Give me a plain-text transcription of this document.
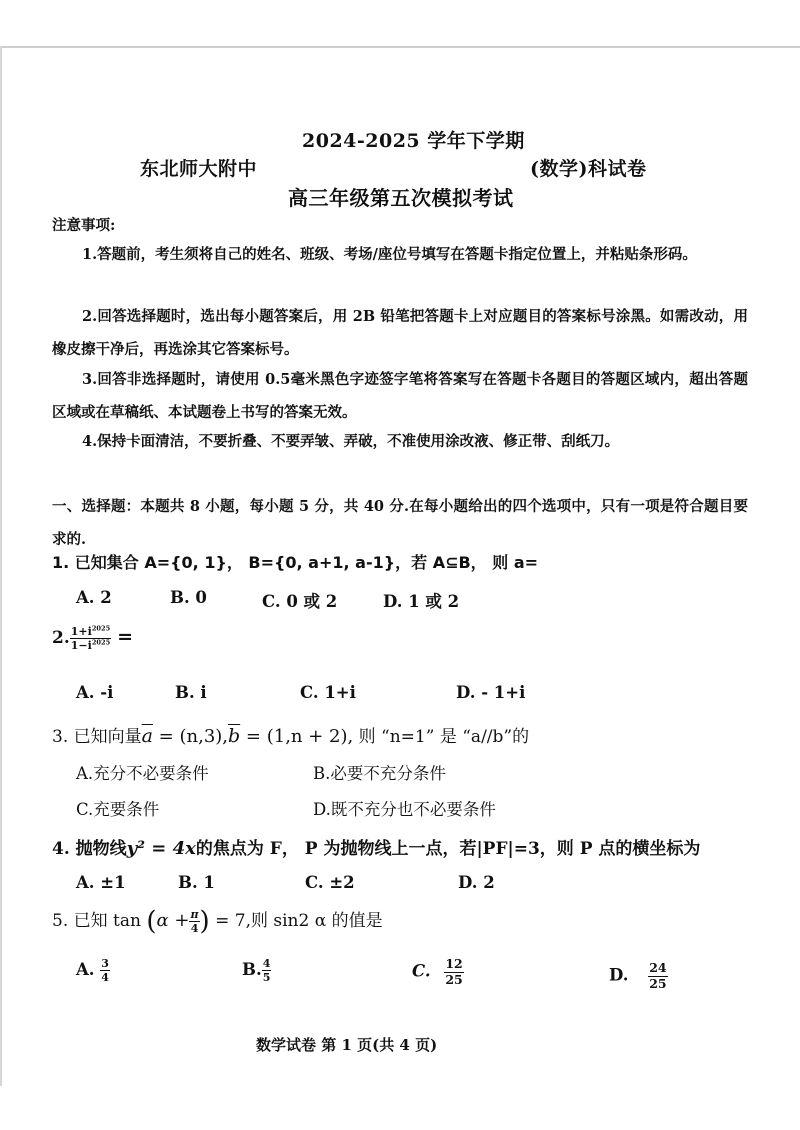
2024-2025 学年下学期
东北师大附中	(数学)科试卷
高三年级第五次模拟考试
注意事项:
1.答题前，考生须将自己的姓名、班级、考场/座位号填写在答题卡指定位置上，并粘贴条形码。
2.回答选择题时，选出每小题答案后，用 2B 铅笔把答题卡上对应题目的答案标号涂黑。如需改动，用橡皮擦干净后，再选涂其它答案标号。
3.回答非选择题时，请使用 0.5毫米黑色字迹签字笔将答案写在答题卡各题目的答题区域内，超出答题区域或在草稿纸、本试题卷上书写的答案无效。
4.保持卡面清洁，不要折叠、不要弄皱、弄破，不准使用涂改液、修正带、刮纸刀。
一、选择题：本题共 8 小题，每小题 5 分，共 40 分.在每小题给出的四个选项中，只有一项是符合题目要求的.
1. 已知集合 A={0, 1}， B={0, a+1, a-1}，若 A⊆B， 则 a=
A. 2	B. 0	C. 0 或 2	D. 1 或 2
2. $\frac{1+i^{2025}}{1-i^{2025}}$ =
A. -i	B. i	C. 1+i	D. - 1+i
3. 已知向量$\overline{a} = (n,3),\overline{b} = (1,n + 2)$, 则 “n=1” 是 “a//b”的
A.充分不必要条件	B.必要不充分条件
C.充要条件	D.既不充分也不必要条件
4. 抛物线y² = 4x的焦点为 F， P 为抛物线上一点，若|PF|=3，则 P 点的横坐标为
A. ±1	B. 1	C. ±2	D. 2
5. 已知 $\tan (\alpha + \frac{\pi}{4}$ ) = 7,则 sin2 α 的值是
A. $\frac{3}{4}$	B. $\frac{4}{5}$	C. $\frac{12}{25}$	D. $\frac{24}{25}$
数学试卷 第 1 页(共 4 页)
